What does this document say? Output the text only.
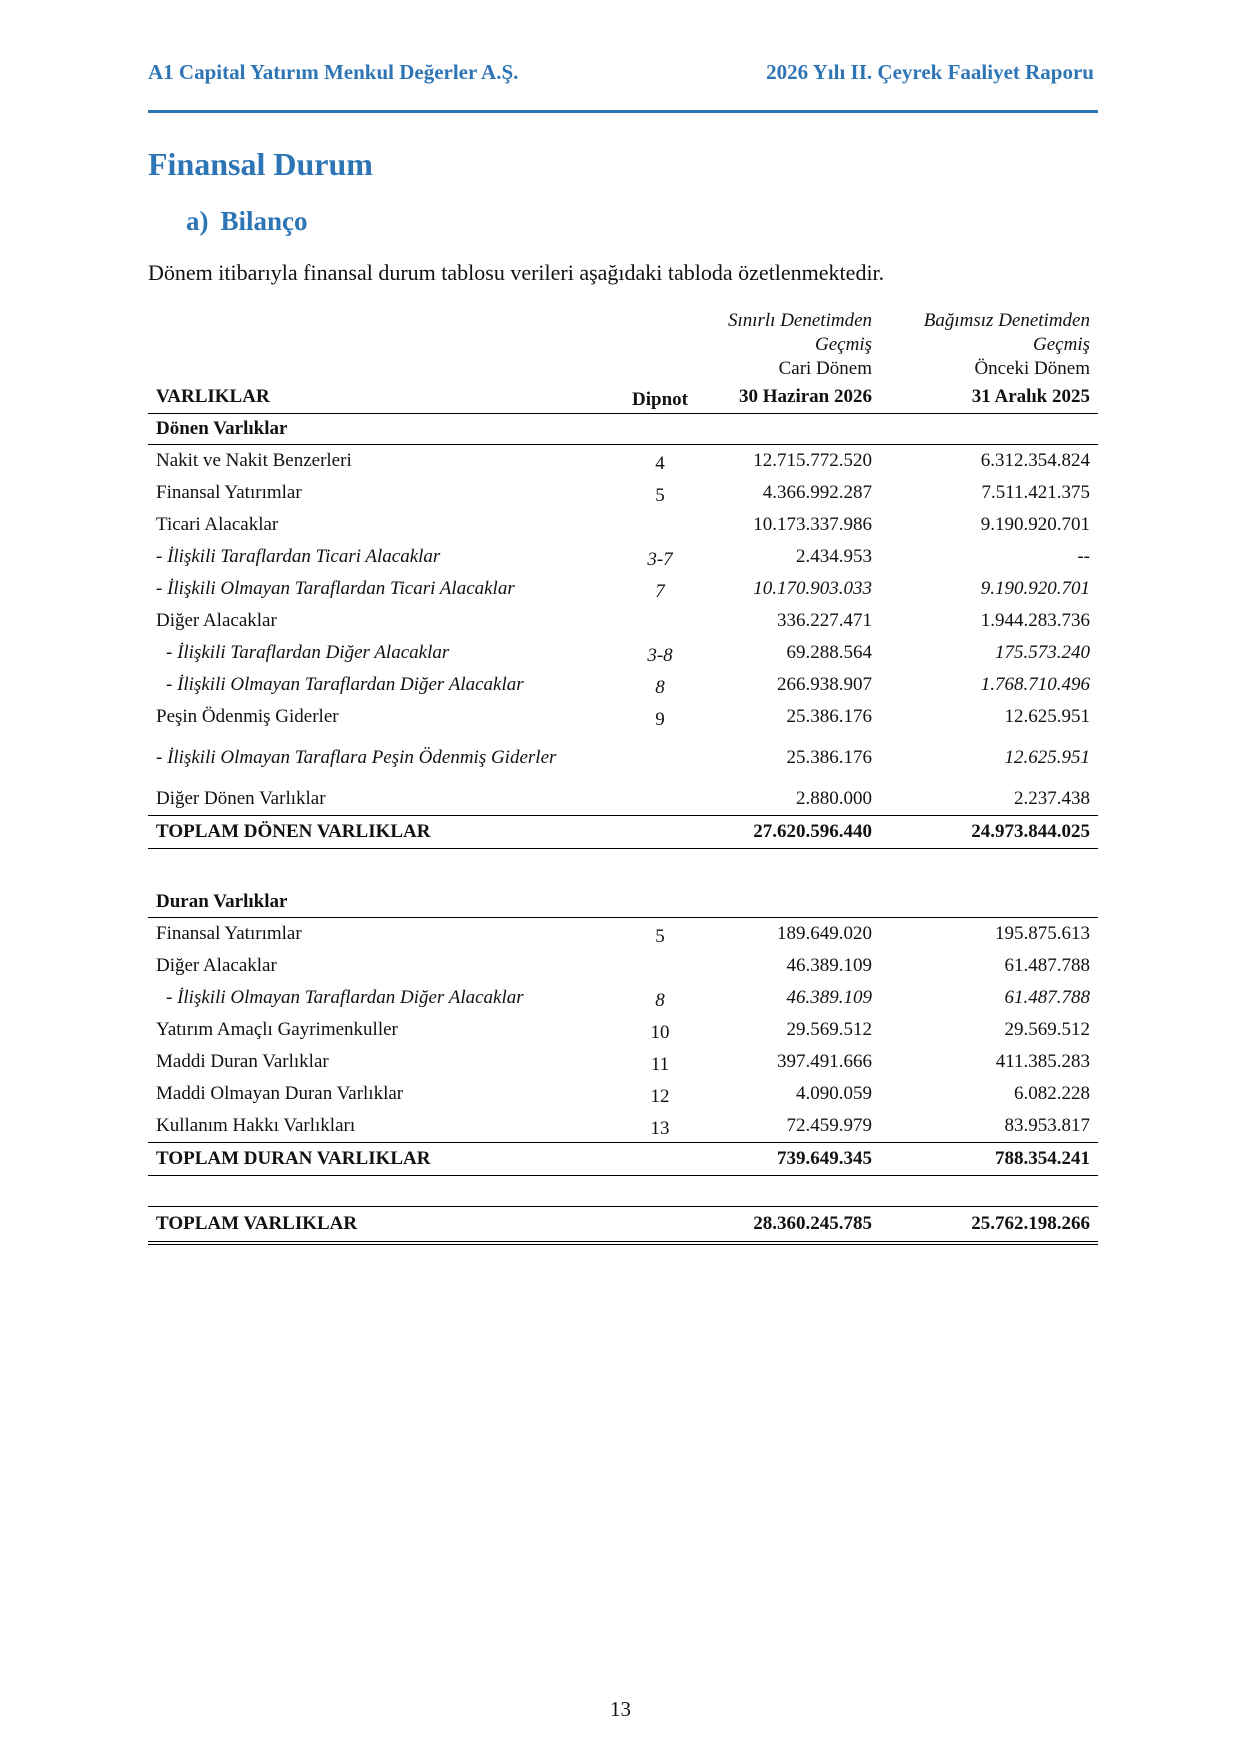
A1 Capital Yatırım Menkul Değerler A.Ş.	2026 Yılı II. Çeyrek Faaliyet Raporu
Finansal Durum
a) Bilanço
Dönem itibarıyla finansal durum tablosu verileri aşağıdaki tabloda özetlenmektedir.
		Sınırlı Denetimden	Bağımsız Denetimden
		Geçmiş	Geçmiş
		Cari Dönem	Önceki Dönem
VARLIKLAR	Dipnot	30 Haziran 2026	31 Aralık 2025
Dönen Varlıklar			
Nakit ve Nakit Benzerleri	4	12.715.772.520	6.312.354.824
Finansal Yatırımlar	5	4.366.992.287	7.511.421.375
Ticari Alacaklar		10.173.337.986	9.190.920.701
- İlişkili Taraflardan Ticari Alacaklar	3-7	2.434.953	--
- İlişkili Olmayan Taraflardan Ticari Alacaklar	7	10.170.903.033	9.190.920.701
Diğer Alacaklar		336.227.471	1.944.283.736
- İlişkili Taraflardan Diğer Alacaklar	3-8	69.288.564	175.573.240
- İlişkili Olmayan Taraflardan Diğer Alacaklar	8	266.938.907	1.768.710.496
Peşin Ödenmiş Giderler	9	25.386.176	12.625.951
- İlişkili Olmayan Taraflara Peşin Ödenmiş Giderler		25.386.176	12.625.951
Diğer Dönen Varlıklar		2.880.000	2.237.438
TOPLAM DÖNEN VARLIKLAR		27.620.596.440	24.973.844.025

Duran Varlıklar			
Finansal Yatırımlar	5	189.649.020	195.875.613
Diğer Alacaklar		46.389.109	61.487.788
- İlişkili Olmayan Taraflardan Diğer Alacaklar	8	46.389.109	61.487.788
Yatırım Amaçlı Gayrimenkuller	10	29.569.512	29.569.512
Maddi Duran Varlıklar	11	397.491.666	411.385.283
Maddi Olmayan Duran Varlıklar	12	4.090.059	6.082.228
Kullanım Hakkı Varlıkları	13	72.459.979	83.953.817
TOPLAM DURAN VARLIKLAR		739.649.345	788.354.241

TOPLAM VARLIKLAR		28.360.245.785	25.762.198.266
13
